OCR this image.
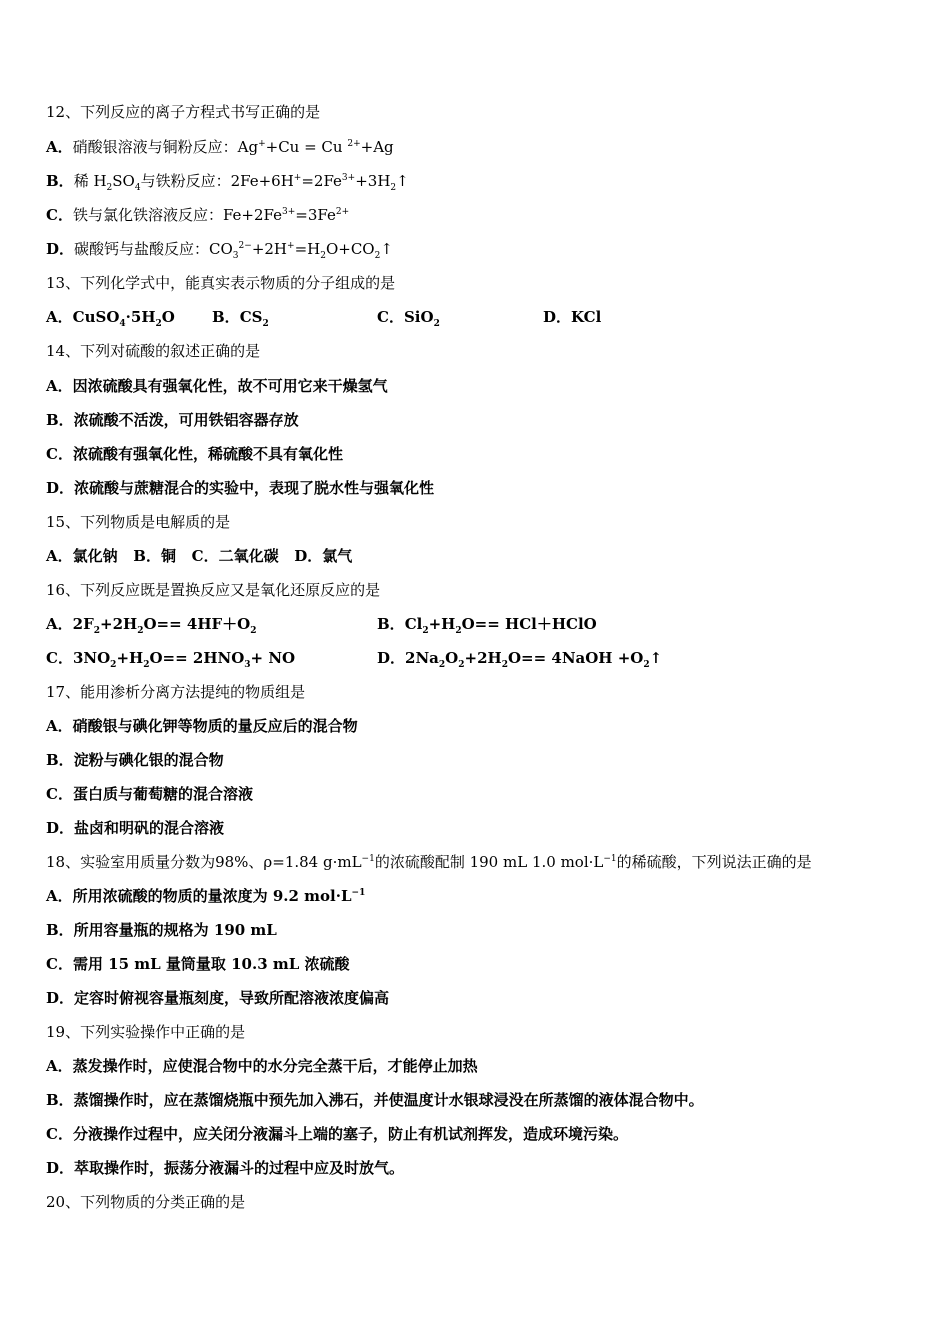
12、下列反应的离子方程式书写正确的是
A．硝酸银溶液与铜粉反应：Ag++Cu = Cu $^{2+}$+Ag
B．稀 $H_2SO_4$与铁粉反应：$2Fe+6H^+=2Fe^{3+}+3H_2↑$
C．铁与氯化铁溶液反应：$Fe+2Fe^{3+}=3Fe^{2+}$
D．碳酸钙与盐酸反应：$CO_3^{2-}+2H^+=H_2O+CO_2↑$
13、下列化学式中，能真实表示物质的分子组成的是
A．$CuSO_4\cdot 5H_2O$ B．$CS_2$	C．SiO$_2$	D．KCl
14、下列对硫酸的叙述正确的是
A．因浓硫酸具有强氧化性，故不可用它来干燥氢气
B．浓硫酸不活泼，可用铁铝容器存放
C．浓硫酸有强氧化性，稀硫酸不具有氧化性
D．浓硫酸与蔗糖混合的实验中，表现了脱水性与强氧化性
15、下列物质是电解质的是
A．氯化钠   B．铜   C．二氧化碳   D．氯气
16、下列反应既是置换反应又是氧化还原反应的是
A．$2F_2+2H_2O== 4HF+O_2$	B．$Cl_2+H_2O==$ HCl＋HClO
C．$3NO_2+H_2O== 2HNO_3+$ NO	D．$2Na_2O_2+2H_2O==$ 4NaOH $+O_2↑$
17、能用渗析分离方法提纯的物质组是
A．硝酸银与碘化钾等物质的量反应后的混合物
B．淀粉与碘化银的混合物
C．蛋白质与葡萄糖的混合溶液
D．盐卤和明矾的混合溶液
18、实验室用质量分数为98%、ρ=1.84 $g\cdot mL^{-1}$的浓硫酸配制 190 mL 1.0 $mol\cdot L^{-1}$的稀硫酸，下列说法正确的是
A．所用浓硫酸的物质的量浓度为 9.2 $mol\cdot L^{-1}$
B．所用容量瓶的规格为 190 mL
C．需用 15 mL 量筒量取 10.3 mL 浓硫酸
D．定容时俯视容量瓶刻度，导致所配溶液浓度偏高
19、下列实验操作中正确的是
A．蒸发操作时，应使混合物中的水分完全蒸干后，才能停止加热
B．蒸馏操作时，应在蒸馏烧瓶中预先加入沸石，并使温度计水银球浸没在所蒸馏的液体混合物中。
C．分液操作过程中，应关闭分液漏斗上端的塞子，防止有机试剂挥发，造成环境污染。
D．萃取操作时，振荡分液漏斗的过程中应及时放气。
20、下列物质的分类正确的是
